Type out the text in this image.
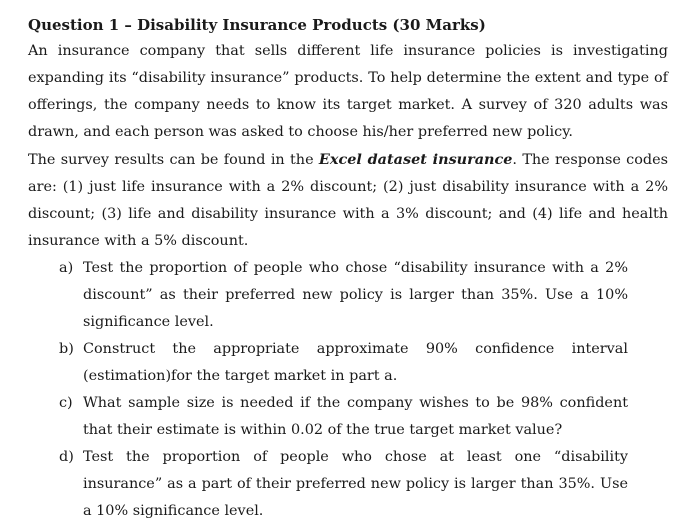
Question 1 – Disability Insurance Products (30 Marks)

An insurance company that sells different life insurance policies is investigating expanding its “disability insurance” products. To help determine the extent and type of offerings, the company needs to know its target market. A survey of 320 adults was drawn, and each person was asked to choose his/her preferred new policy.

The survey results can be found in the Excel dataset insurance. The response codes are: (1) just life insurance with a 2% discount; (2) just disability insurance with a 2% discount; (3) life and disability insurance with a 3% discount; and (4) life and health insurance with a 5% discount.

a) Test the proportion of people who chose “disability insurance with a 2% discount” as their preferred new policy is larger than 35%. Use a 10% significance level.
b) Construct the appropriate approximate 90% confidence interval (estimation)for the target market in part a.
c) What sample size is needed if the company wishes to be 98% confident that their estimate is within 0.02 of the true target market value?
d) Test the proportion of people who chose at least one “disability insurance” as a part of their preferred new policy is larger than 35%. Use a 10% significance level.
